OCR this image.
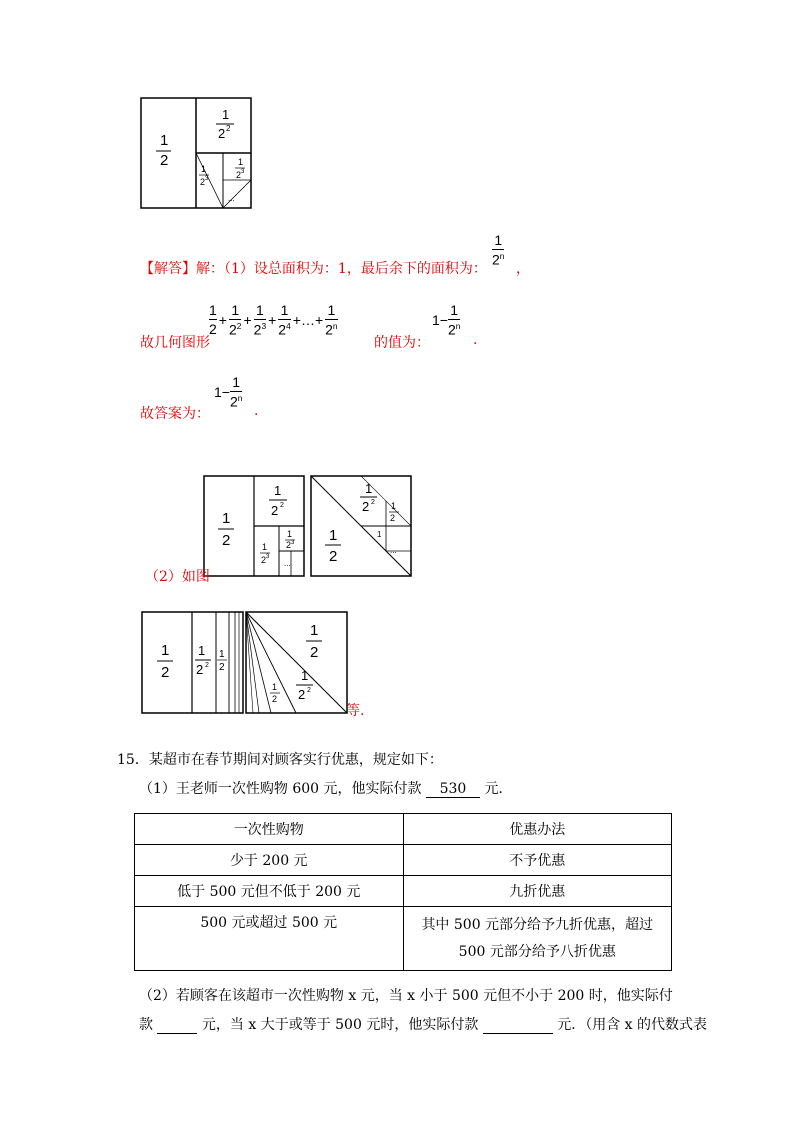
1
2
1
2 2
1
2 3
1
2 3
...
【解答】解：（1）设总面积为：1，最后余下的面积为：
1
2$^n$
，
故几何图形
$\frac{1}{2} + \frac{1}{2^2} + \frac{1}{2^3} + \frac{1}{2^4}$ +…+ $\frac{1}{2^n}$
的值为：
$1- \frac{1}{2^n}$
.
故答案为：
$1- \frac{1}{2^n}$
.
1
2
1
2 2
1
2 3
1
2 3
...
1
2
1
2 2 1
2
1
...
（2）如图
1
2
1
2 2
1
2
1
2
1
2 2
1
2
等.
15．某超市在春节期间对顾客实行优惠，规定如下：
（1）王老师一次性购物 600 元，他实际付款 530 元.
一次性购物	优惠办法
少于 200 元	不予优惠
低于 500 元但不低于 200 元	九折优惠
500 元或超过 500 元	其中 500 元部分给予九折优惠，超过 500 元部分给予八折优惠
（2）若顾客在该超市一次性购物 x 元，当 x 小于 500 元但不小于 200 时，他实际付
款	元，当 x 大于或等于 500 元时，他实际付款	元．（用含 x 的代数式表
